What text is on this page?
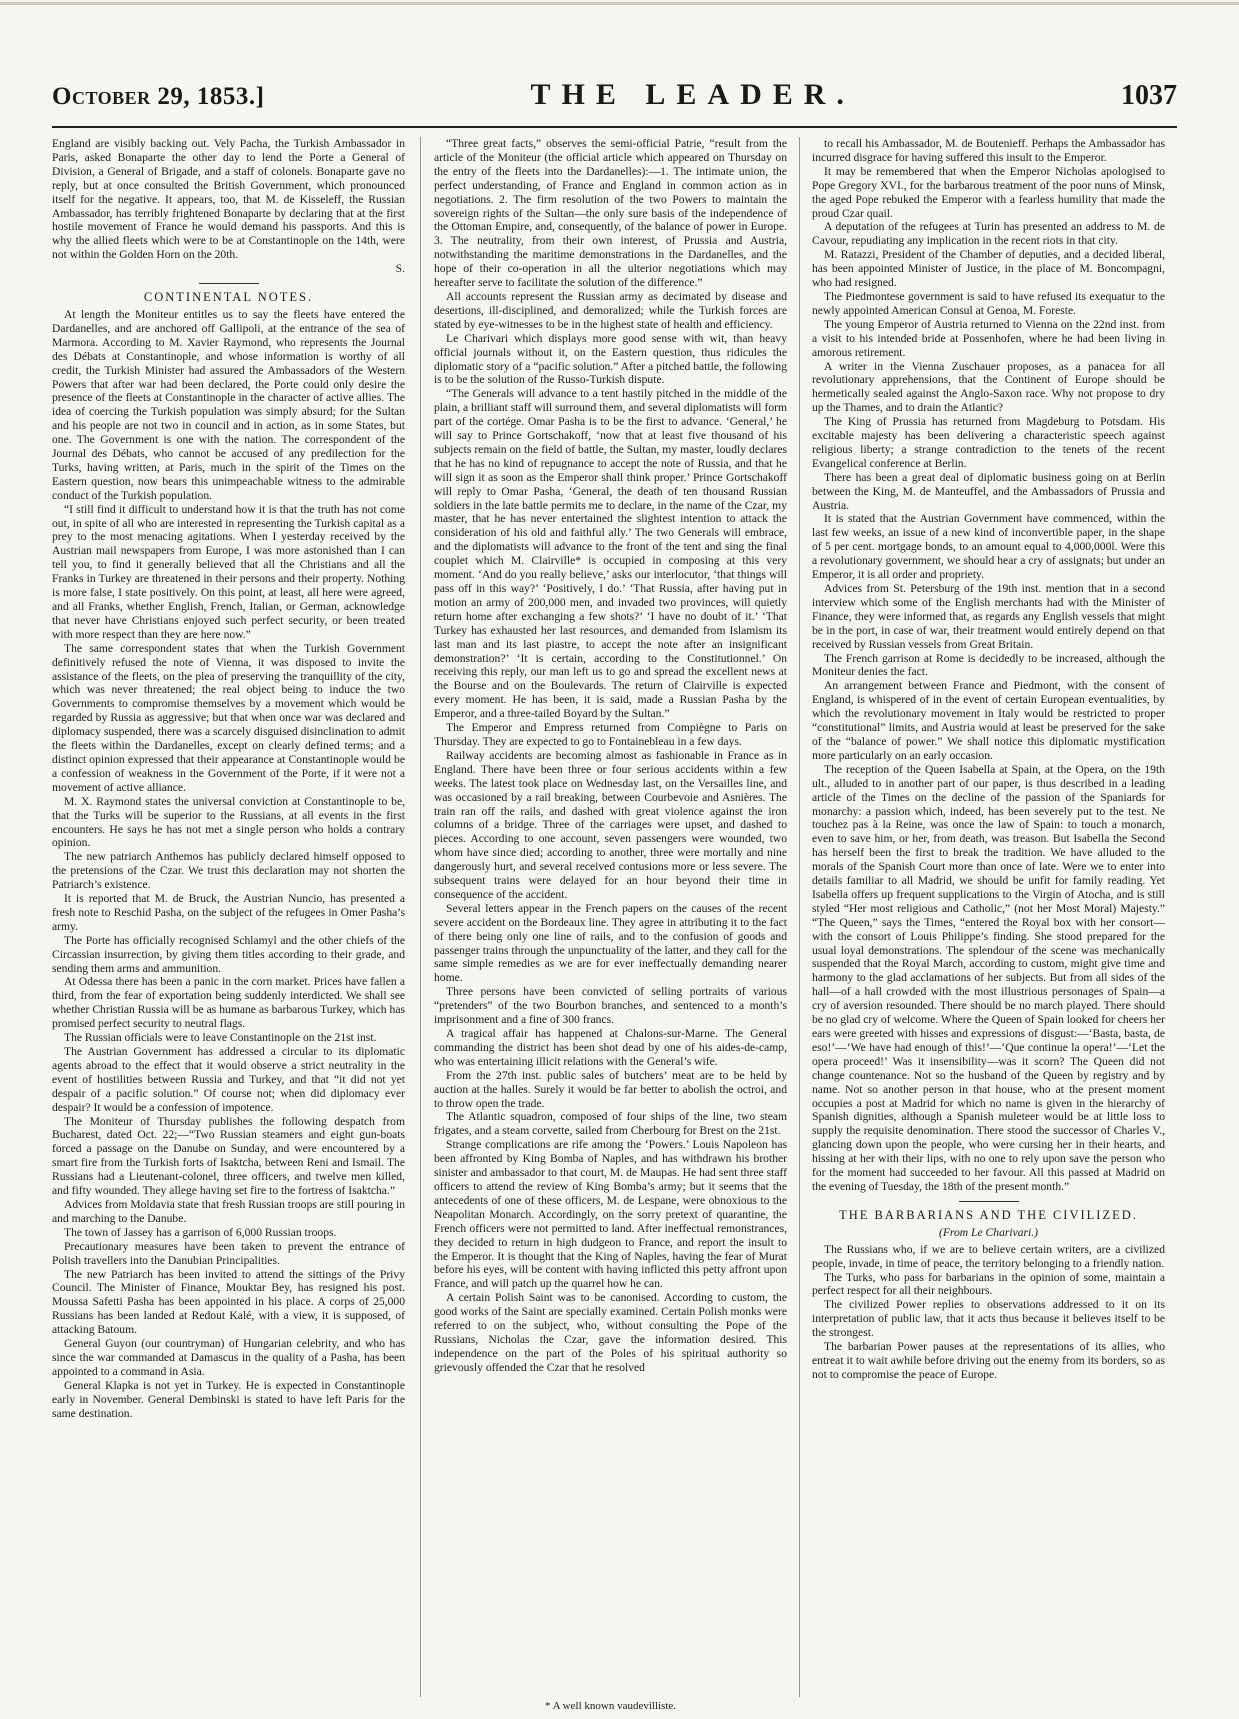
October 29, 1853.]	THE LEADER.	1037

England are visibly backing out. Vely Pacha, the Turkish Ambassador in Paris, asked Bonaparte the other day to lend the Porte a General of Division, a General of Brigade, and a staff of colonels. Bonaparte gave no reply, but at once consulted the British Government, which pronounced itself for the negative. It appears, too, that M. de Kisseleff, the Russian Ambassador, has terribly frightened Bonaparte by declaring that at the first hostile movement of France he would demand his passports. And this is why the allied fleets which were to be at Constantinople on the 14th, were not within the Golden Horn on the 20th.

S.

CONTINENTAL NOTES.

At length the Moniteur entitles us to say the fleets have entered the Dardanelles, and are anchored off Gallipoli, at the entrance of the sea of Marmora. According to M. Xavier Raymond, who represents the Journal des Débats at Constantinople, and whose information is worthy of all credit, the Turkish Minister had assured the Ambassadors of the Western Powers that after war had been declared, the Porte could only desire the presence of the fleets at Constantinople in the character of active allies. The idea of coercing the Turkish population was simply absurd; for the Sultan and his people are not two in council and in action, as in some States, but one. The Government is one with the nation. The correspondent of the Journal des Débats, who cannot be accused of any predilection for the Turks, having written, at Paris, much in the spirit of the Times on the Eastern question, now bears this unimpeachable witness to the admirable conduct of the Turkish population.

“I still find it difficult to understand how it is that the truth has not come out, in spite of all who are interested in representing the Turkish capital as a prey to the most menacing agitations. When I yesterday received by the Austrian mail newspapers from Europe, I was more astonished than I can tell you, to find it generally believed that all the Christians and all the Franks in Turkey are threatened in their persons and their property. Nothing is more false, I state positively. On this point, at least, all here were agreed, and all Franks, whether English, French, Italian, or German, acknowledge that never have Christians enjoyed such perfect security, or been treated with more respect than they are here now.”

The same correspondent states that when the Turkish Government definitively refused the note of Vienna, it was disposed to invite the assistance of the fleets, on the plea of preserving the tranquillity of the city, which was never threatened; the real object being to induce the two Governments to compromise themselves by a movement which would be regarded by Russia as aggressive; but that when once war was declared and diplomacy suspended, there was a scarcely disguised disinclination to admit the fleets within the Dardanelles, except on clearly defined terms; and a distinct opinion expressed that their appearance at Constantinople would be a confession of weakness in the Government of the Porte, if it were not a movement of active alliance.

M. X. Raymond states the universal conviction at Constantinople to be, that the Turks will be superior to the Russians, at all events in the first encounters. He says he has not met a single person who holds a contrary opinion.

The new patriarch Anthemos has publicly declared himself opposed to the pretensions of the Czar. We trust this declaration may not shorten the Patriarch’s existence.

It is reported that M. de Bruck, the Austrian Nuncio, has presented a fresh note to Reschid Pasha, on the subject of the refugees in Omer Pasha’s army.

The Porte has officially recognised Schlamyl and the other chiefs of the Circassian insurrection, by giving them titles according to their grade, and sending them arms and ammunition.

At Odessa there has been a panic in the corn market. Prices have fallen a third, from the fear of exportation being suddenly interdicted. We shall see whether Christian Russia will be as humane as barbarous Turkey, which has promised perfect security to neutral flags.

The Russian officials were to leave Constantinople on the 21st inst.

The Austrian Government has addressed a circular to its diplomatic agents abroad to the effect that it would observe a strict neutrality in the event of hostilities between Russia and Turkey, and that “it did not yet despair of a pacific solution.” Of course not; when did diplomacy ever despair? It would be a confession of impotence.

The Moniteur of Thursday publishes the following despatch from Bucharest, dated Oct. 22;—“Two Russian steamers and eight gun-boats forced a passage on the Danube on Sunday, and were encountered by a smart fire from the Turkish forts of Isaktcha, between Reni and Ismail. The Russians had a Lieutenant-colonel, three officers, and twelve men killed, and fifty wounded. They allege having set fire to the fortress of Isaktcha.”

Advices from Moldavia state that fresh Russian troops are still pouring in and marching to the Danube.

The town of Jassey has a garrison of 6,000 Russian troops.

Precautionary measures have been taken to prevent the entrance of Polish travellers into the Danubian Principalities.

The new Patriarch has been invited to attend the sittings of the Privy Council. The Minister of Finance, Mouktar Bey, has resigned his post. Moussa Safetti Pasha has been appointed in his place. A corps of 25,000 Russians has been landed at Redout Kalé, with a view, it is supposed, of attacking Batoum.

General Guyon (our countryman) of Hungarian celebrity, and who has since the war commanded at Damascus in the quality of a Pasha, has been appointed to a command in Asia.

General Klapka is not yet in Turkey. He is expected in Constantinople early in November. General Dembinski is stated to have left Paris for the same destination.

“Three great facts,” observes the semi-official Patrie, “result from the article of the Moniteur (the official article which appeared on Thursday on the entry of the fleets into the Dardanelles):—1. The intimate union, the perfect understanding, of France and England in common action as in negotiations. 2. The firm resolution of the two Powers to maintain the sovereign rights of the Sultan—the only sure basis of the independence of the Ottoman Empire, and, consequently, of the balance of power in Europe. 3. The neutrality, from their own interest, of Prussia and Austria, notwithstanding the maritime demonstrations in the Dardanelles, and the hope of their co-operation in all the ulterior negotiations which may hereafter serve to facilitate the solution of the difference.”

All accounts represent the Russian army as decimated by disease and desertions, ill-disciplined, and demoralized; while the Turkish forces are stated by eye-witnesses to be in the highest state of health and efficiency.

Le Charivari which displays more good sense with wit, than heavy official journals without it, on the Eastern question, thus ridicules the diplomatic story of a “pacific solution.” After a pitched battle, the following is to be the solution of the Russo-Turkish dispute.

“The Generals will advance to a tent hastily pitched in the middle of the plain, a brilliant staff will surround them, and several diplomatists will form part of the cortége. Omar Pasha is to be the first to advance. ‘General,’ he will say to Prince Gortschakoff, ‘now that at least five thousand of his subjects remain on the field of battle, the Sultan, my master, loudly declares that he has no kind of repugnance to accept the note of Russia, and that he will sign it as soon as the Emperor shall think proper.’ Prince Gortschakoff will reply to Omar Pasha, ‘General, the death of ten thousand Russian soldiers in the late battle permits me to declare, in the name of the Czar, my master, that he has never entertained the slightest intention to attack the consideration of his old and faithful ally.’ The two Generals will embrace, and the diplomatists will advance to the front of the tent and sing the final couplet which M. Clairville* is occupied in composing at this very moment. ‘And do you really believe,’ asks our interlocutor, ‘that things will pass off in this way?’ ‘Positively, I do.’ ‘That Russia, after having put in motion an army of 200,000 men, and invaded two provinces, will quietly return home after exchanging a few shots?’ ‘I have no doubt of it.’ ‘That Turkey has exhausted her last resources, and demanded from Islamism its last man and its last piastre, to accept the note after an insignificant demonstration?’ ‘It is certain, according to the Constitutionnel.’ On receiving this reply, our man left us to go and spread the excellent news at the Bourse and on the Boulevards. The return of Clairville is expected every moment. He has been, it is said, made a Russian Pasha by the Emperor, and a three-tailed Boyard by the Sultan.”

The Emperor and Empress returned from Compiègne to Paris on Thursday. They are expected to go to Fontainebleau in a few days.

Railway accidents are becoming almost as fashionable in France as in England. There have been three or four serious accidents within a few weeks. The latest took place on Wednesday last, on the Versailles line, and was occasioned by a rail breaking, between Courbevoie and Asnières. The train ran off the rails, and dashed with great violence against the iron columns of a bridge. Three of the carriages were upset, and dashed to pieces. According to one account, seven passengers were wounded, two whom have since died; according to another, three were mortally and nine dangerously hurt, and several received contusions more or less severe. The subsequent trains were delayed for an hour beyond their time in consequence of the accident.

Several letters appear in the French papers on the causes of the recent severe accident on the Bordeaux line. They agree in attributing it to the fact of there being only one line of rails, and to the confusion of goods and passenger trains through the unpunctuality of the latter, and they call for the same simple remedies as we are for ever ineffectually demanding nearer home.

Three persons have been convicted of selling portraits of various “pretenders” of the two Bourbon branches, and sentenced to a month’s imprisonment and a fine of 300 francs.

A tragical affair has happened at Chalons-sur-Marne. The General commanding the district has been shot dead by one of his aides-de-camp, who was entertaining illicit relations with the General’s wife.

From the 27th inst. public sales of butchers’ meat are to be held by auction at the halles. Surely it would be far better to abolish the octroi, and to throw open the trade.

The Atlantic squadron, composed of four ships of the line, two steam frigates, and a steam corvette, sailed from Cherbourg for Brest on the 21st.

Strange complications are rife among the ‘Powers.’ Louis Napoleon has been affronted by King Bomba of Naples, and has withdrawn his brother sinister and ambassador to that court, M. de Maupas. He had sent three staff officers to attend the review of King Bomba’s army; but it seems that the antecedents of one of these officers, M. de Lespane, were obnoxious to the Neapolitan Monarch. Accordingly, on the sorry pretext of quarantine, the French officers were not permitted to land. After ineffectual remonstrances, they decided to return in high dudgeon to France, and report the insult to the Emperor. It is thought that the King of Naples, having the fear of Murat before his eyes, will be content with having inflicted this petty affront upon France, and will patch up the quarrel how he can.

A certain Polish Saint was to be canonised. According to custom, the good works of the Saint are specially examined. Certain Polish monks were referred to on the subject, who, without consulting the Pope of the Russians, Nicholas the Czar, gave the information desired. This independence on the part of the Poles of his spiritual authority so grievously offended the Czar that he resolved

* A well known vaudevilliste.

to recall his Ambassador, M. de Boutenieff. Perhaps the Ambassador has incurred disgrace for having suffered this insult to the Emperor.

It may be remembered that when the Emperor Nicholas apologised to Pope Gregory XVI., for the barbarous treatment of the poor nuns of Minsk, the aged Pope rebuked the Emperor with a fearless humility that made the proud Czar quail.

A deputation of the refugees at Turin has presented an address to M. de Cavour, repudiating any implication in the recent riots in that city.

M. Ratazzi, President of the Chamber of deputies, and a decided liberal, has been appointed Minister of Justice, in the place of M. Boncompagni, who had resigned.

The Piedmontese government is said to have refused its exequatur to the newly appointed American Consul at Genoa, M. Foreste.

The young Emperor of Austria returned to Vienna on the 22nd inst. from a visit to his intended bride at Possenhofen, where he had been living in amorous retirement.

A writer in the Vienna Zuschauer proposes, as a panacea for all revolutionary apprehensions, that the Continent of Europe should be hermetically sealed against the Anglo-Saxon race. Why not propose to dry up the Thames, and to drain the Atlantic?

The King of Prussia has returned from Magdeburg to Potsdam. His excitable majesty has been delivering a characteristic speech against religious liberty; a strange contradiction to the tenets of the recent Evangelical conference at Berlin.

There has been a great deal of diplomatic business going on at Berlin between the King, M. de Manteuffel, and the Ambassadors of Prussia and Austria.

It is stated that the Austrian Government have commenced, within the last few weeks, an issue of a new kind of inconvertible paper, in the shape of 5 per cent. mortgage bonds, to an amount equal to 4,000,000l. Were this a revolutionary government, we should hear a cry of assignats; but under an Emperor, it is all order and propriety.

Advices from St. Petersburg of the 19th inst. mention that in a second interview which some of the English merchants had with the Minister of Finance, they were informed that, as regards any English vessels that might be in the port, in case of war, their treatment would entirely depend on that received by Russian vessels from Great Britain.

The French garrison at Rome is decidedly to be increased, although the Moniteur denies the fact.

An arrangement between France and Piedmont, with the consent of England, is whispered of in the event of certain European eventualities, by which the revolutionary movement in Italy would be restricted to proper “constitutional” limits, and Austria would at least be preserved for the sake of the “balance of power.” We shall notice this diplomatic mystification more particularly on an early occasion.

The reception of the Queen Isabella at Spain, at the Opera, on the 19th ult., alluded to in another part of our paper, is thus described in a leading article of the Times on the decline of the passion of the Spaniards for monarchy: a passion which, indeed, has been severely put to the test. Ne touchez pas à la Reine, was once the law of Spain: to touch a monarch, even to save him, or her, from death, was treason. But Isabella the Second has herself been the first to break the tradition. We have alluded to the morals of the Spanish Court more than once of late. Were we to enter into details familiar to all Madrid, we should be unfit for family reading. Yet Isabella offers up frequent supplications to the Virgin of Atocha, and is still styled “Her most religious and Catholic,” (not her Most Moral) Majesty.” “The Queen,” says the Times, “entered the Royal box with her consort—with the consort of Louis Philippe’s finding. She stood prepared for the usual loyal demonstrations. The splendour of the scene was mechanically suspended that the Royal March, according to custom, might give time and harmony to the glad acclamations of her subjects. But from all sides of the hall—of a hall crowded with the most illustrious personages of Spain—a cry of aversion resounded. There should be no march played. There should be no glad cry of welcome. Where the Queen of Spain looked for cheers her ears were greeted with hisses and expressions of disgust:—‘Basta, basta, de eso!’—‘We have had enough of this!’—‘Que continue la opera!’—‘Let the opera proceed!’ Was it insensibility—was it scorn? The Queen did not change countenance. Not so the husband of the Queen by registry and by name. Not so another person in that house, who at the present moment occupies a post at Madrid for which no name is given in the hierarchy of Spanish dignities, although a Spanish muleteer would be at little loss to supply the requisite denomination. There stood the successor of Charles V., glancing down upon the people, who were cursing her in their hearts, and hissing at her with their lips, with no one to rely upon save the person who for the moment had succeeded to her favour. All this passed at Madrid on the evening of Tuesday, the 18th of the present month.”

THE BARBARIANS AND THE CIVILIZED.
(From Le Charivari.)

The Russians who, if we are to believe certain writers, are a civilized people, invade, in time of peace, the territory belonging to a friendly nation.

The Turks, who pass for barbarians in the opinion of some, maintain a perfect respect for all their neighbours.

The civilized Power replies to observations addressed to it on its interpretation of public law, that it acts thus because it believes itself to be the strongest.

The barbarian Power pauses at the representations of its allies, who entreat it to wait awhile before driving out the enemy from its borders, so as not to compromise the peace of Europe.
